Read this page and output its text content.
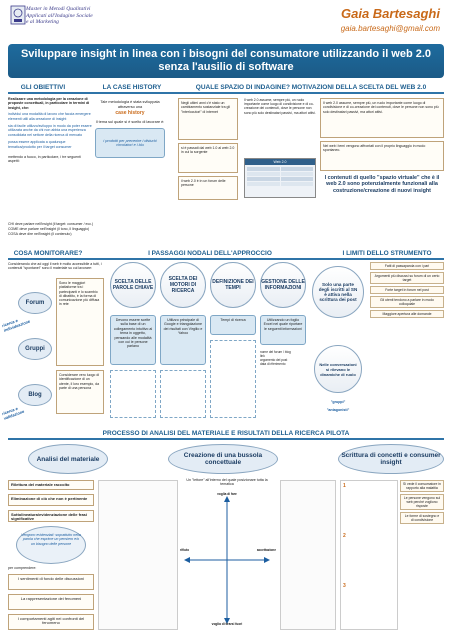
Master in Metodi Qualitativi
Applicati all'Indagine Sociale
e al Marketing
Gaia Bartesaghi
gaia.bartesaghi@gmail.com
Sviluppare insight in linea con i bisogni del consumatore utilizzando il web 2.0
senza l'ausilio di software
GLI OBIETTIVI	LA CASE HISTORY	QUALE SPAZIO DI INDAGINE? MOTIVAZIONI DELLA SCELTA DEL WEB 2.0
Realizzare una metodologia per la creazione di proposte concettuali, in particolare in termini di insight, che:
individui una modalità di lavoro che faccia emergere elementi utili alla creazione di insight
sia di facile utilizzo/sviluppo in modo da poter essere utilizzata anche da chi non abbia una esperienza consolidata nel settore della ricerca di mercato
possa essere applicata a qualunque tematica/prodotto per il target consumer
mettendo a fuoco, in particolare, i tre seguenti aspetti:
Tale metodologia è stata sviluppata attraverso una
case history
Il tema sul quale si è scelto di lavorare è:
i prodotti per prevenire i disturbi circolatori e i blu
Negli ultimi anni c'è stato un cambiamento sostanziale tra gli "interlocutori" di internet
si è passati dal web 1.0 al web 2.0 in cui la sorgente
il web 2.0 è in un forum delle persone
Il web 2.0 assume, sempre più, un ruolo importante come luogo di condivisione e di co-creazione dei contenuti, dove le persone non sono più solo destinatari passivi, ma attori attivi.
Web 2.0
Il web 2.0 assume, sempre più, un ruolo importante come luogo di condivisione e di co-creazione dei contenuti, dove le persone non sono più solo destinatari passivi, ma attori attivi.
Nel web i temi vengono affrontati con il proprio linguaggio in modo spontaneo.
I contenuti di quello "spazio virtuale" che è il web 2.0 sono potenzialmente funzionali alla costruzione/creazione di nuovi insight
CHI deve parlare nell'insight (il target: consumer / ecc.)
COME deve parlare nell'insight (il tono, il linguaggio)
COSA deve dire nell'insight (il contenuto)
COSA MONITORARE?	I PASSAGGI NODALI DELL'APPROCCIO	I LIMITI DELLO STRUMENTO
Considerando che ad oggi il web è molto accessibile a tutti, i contenuti "spontanei" sono il materiale su cui lavorare:
Forum
Gruppi
Blog
ricerca e individuazione
ricerca e validazione
Sono le maggiori piattaforme tra i partecipanti e lo scambio di dibattito, è la forma di comunicazione più diffusa in rete
Considerare vero luogo di identificazione di un utente, il loro esempio, da parte di una persona
SCELTA DELLE PAROLE CHIAVE
SCELTA DEI MOTORI DI RICERCA
DEFINIZIONE DEI TEMPI
GESTIONE DELLE INFORMAZIONI
Devono essere scelte sulla base di un collegamento intuitivo al tema in oggetto, pensando alle modalità con cui le persone parlano
Utilizzo principale di Google e triangolazione dei risultati con Virgilio e Yahoo
Tempi di ricerca	Utilizzando un foglio Excel nel quale riportare le seguenti informazioni
nome del forum / blog
link
argomento del post
data di riferimento
Solo una parte degli iscritti al SN è attiva nella scrittura dei post
Nelle conversazioni si rilevano le dinamiche di ruolo
"gruppi"
"antagonisti"
Fatti di passaparola con i pari
Argomenti più discussi su forum di un certo target
Forte target in forum nel post
Gli utenti tendono a parlare in modo colloquiale
Maggiore apertura alle domande
PROCESSO DI ANALISI DEL MATERIALE E RISULTATI DELLA RICERCA PILOTA
Analisi del materiale	Creazione di una bussola concettuale
Scrittura di concetti e consumer insight
Rilettura del materiale raccolto
Eliminazione di ciò che non è pertinente
Sottolineatura/evidenziazione delle frasi significative
Vengono evidenziati: soprattutto nella parola che esprime un pensiero e/o un bisogno delle persone
per comprendere:
I sentimenti di fondo delle discussioni
La rappresentazione dei fenomeni
I comportamenti agiti nei confronti del fenomeno
Un "lettore" all'interno del quale posizionare tutta la tematica
voglia di fare
voglia di tirarsi fuori
rifiuto	accettazione
1
2
3
Si vede il consumatore in rapporto alla malattia
Le persone vengono sul web perché vogliono risposte
Le forme di sostegno e di condivisione
